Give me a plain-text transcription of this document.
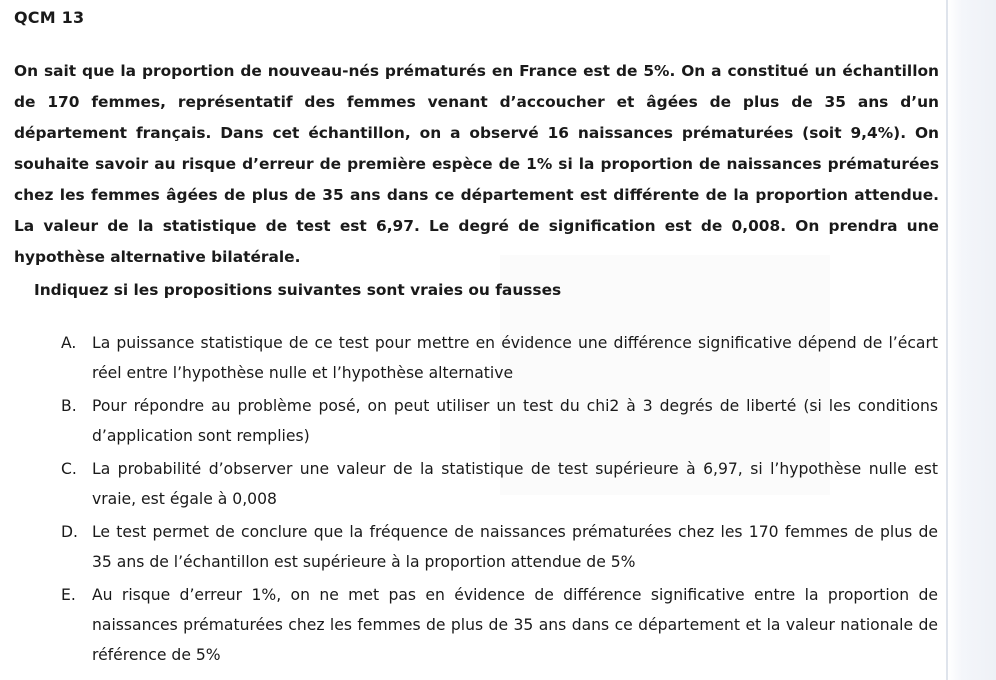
QCM 13
On sait que la proportion de nouveau-nés prématurés en France est de 5%. On a constitué un échantillon de 170 femmes, représentatif des femmes venant d’accoucher et âgées de plus de 35 ans d’un département français. Dans cet échantillon, on a observé 16 naissances prématurées (soit 9,4%). On souhaite savoir au risque d’erreur de première espèce de 1% si la proportion de naissances prématurées chez les femmes âgées de plus de 35 ans dans ce département est différente de la proportion attendue. La valeur de la statistique de test est 6,97. Le degré de signification est de 0,008. On prendra une hypothèse alternative bilatérale.
Indiquez si les propositions suivantes sont vraies ou fausses
A. La puissance statistique de ce test pour mettre en évidence une différence significative dépend de l’écart réel entre l’hypothèse nulle et l’hypothèse alternative
B. Pour répondre au problème posé, on peut utiliser un test du chi2 à 3 degrés de liberté (si les conditions d’application sont remplies)
C. La probabilité d’observer une valeur de la statistique de test supérieure à 6,97, si l’hypothèse nulle est vraie, est égale à 0,008
D. Le test permet de conclure que la fréquence de naissances prématurées chez les 170 femmes de plus de 35 ans de l’échantillon est supérieure à la proportion attendue de 5%
E. Au risque d’erreur 1%, on ne met pas en évidence de différence significative entre la proportion de naissances prématurées chez les femmes de plus de 35 ans dans ce département et la valeur nationale de référence de 5%
